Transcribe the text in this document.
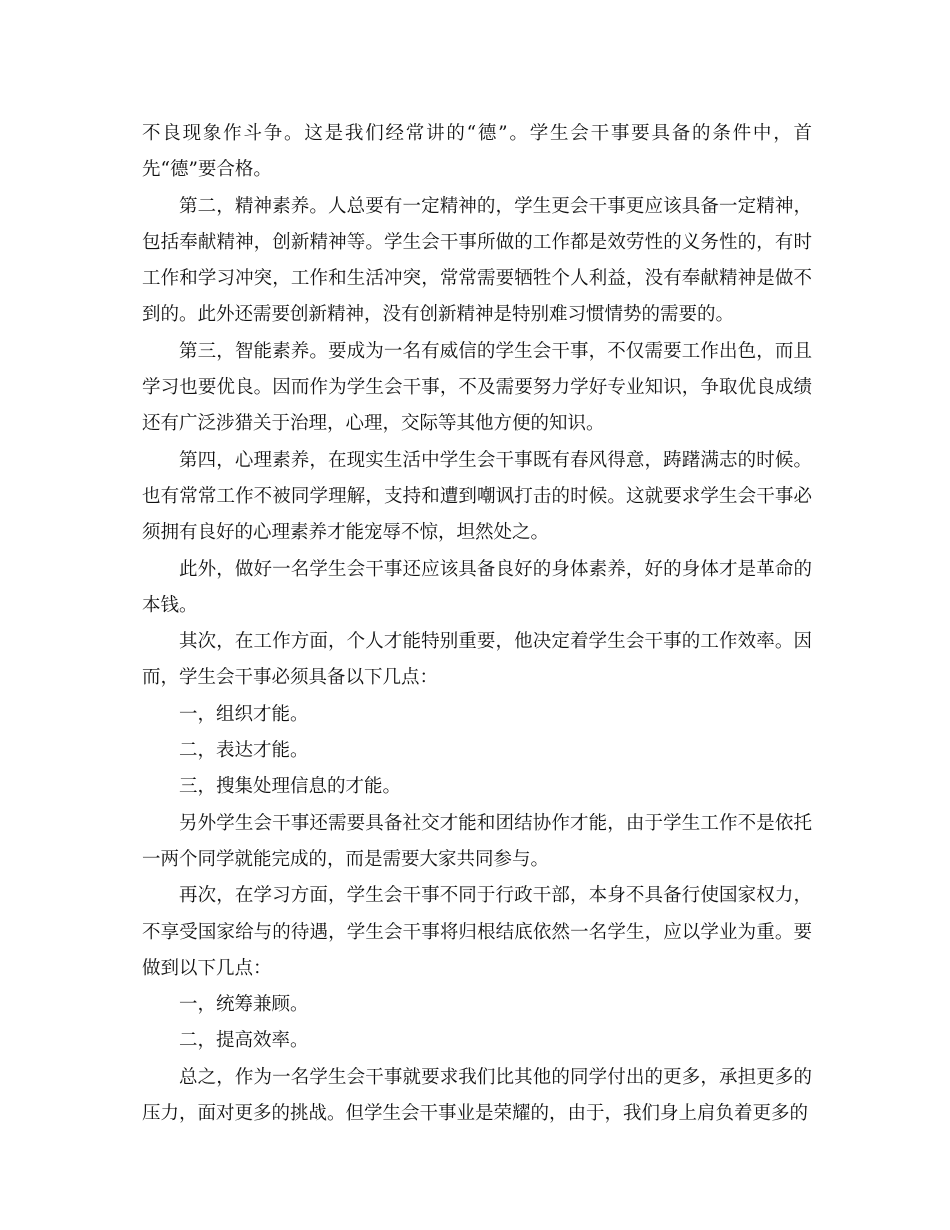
不良现象作斗争。这是我们经常讲的“德”。学生会干事要具备的条件中，首先“德”要合格。

第二，精神素养。人总要有一定精神的，学生更会干事更应该具备一定精神，包括奉献精神，创新精神等。学生会干事所做的工作都是效劳性的义务性的，有时工作和学习冲突，工作和生活冲突，常常需要牺牲个人利益，没有奉献精神是做不到的。此外还需要创新精神，没有创新精神是特别难习惯情势的需要的。

第三，智能素养。要成为一名有威信的学生会干事，不仅需要工作出色，而且学习也要优良。因而作为学生会干事，不及需要努力学好专业知识，争取优良成绩还有广泛涉猎关于治理，心理，交际等其他方便的知识。

第四，心理素养，在现实生活中学生会干事既有春风得意，踌躇满志的时候。也有常常工作不被同学理解，支持和遭到嘲讽打击的时候。这就要求学生会干事必须拥有良好的心理素养才能宠辱不惊，坦然处之。

此外，做好一名学生会干事还应该具备良好的身体素养，好的身体才是革命的本钱。

其次，在工作方面，个人才能特别重要，他决定着学生会干事的工作效率。因而，学生会干事必须具备以下几点：

一，组织才能。

二，表达才能。

三，搜集处理信息的才能。

另外学生会干事还需要具备社交才能和团结协作才能，由于学生工作不是依托一两个同学就能完成的，而是需要大家共同参与。

再次，在学习方面，学生会干事不同于行政干部，本身不具备行使国家权力，不享受国家给与的待遇，学生会干事将归根结底依然一名学生，应以学业为重。要做到以下几点：

一，统筹兼顾。

二，提高效率。

总之，作为一名学生会干事就要求我们比其他的同学付出的更多，承担更多的压力，面对更多的挑战。但学生会干事业是荣耀的，由于，我们身上肩负着更多的
